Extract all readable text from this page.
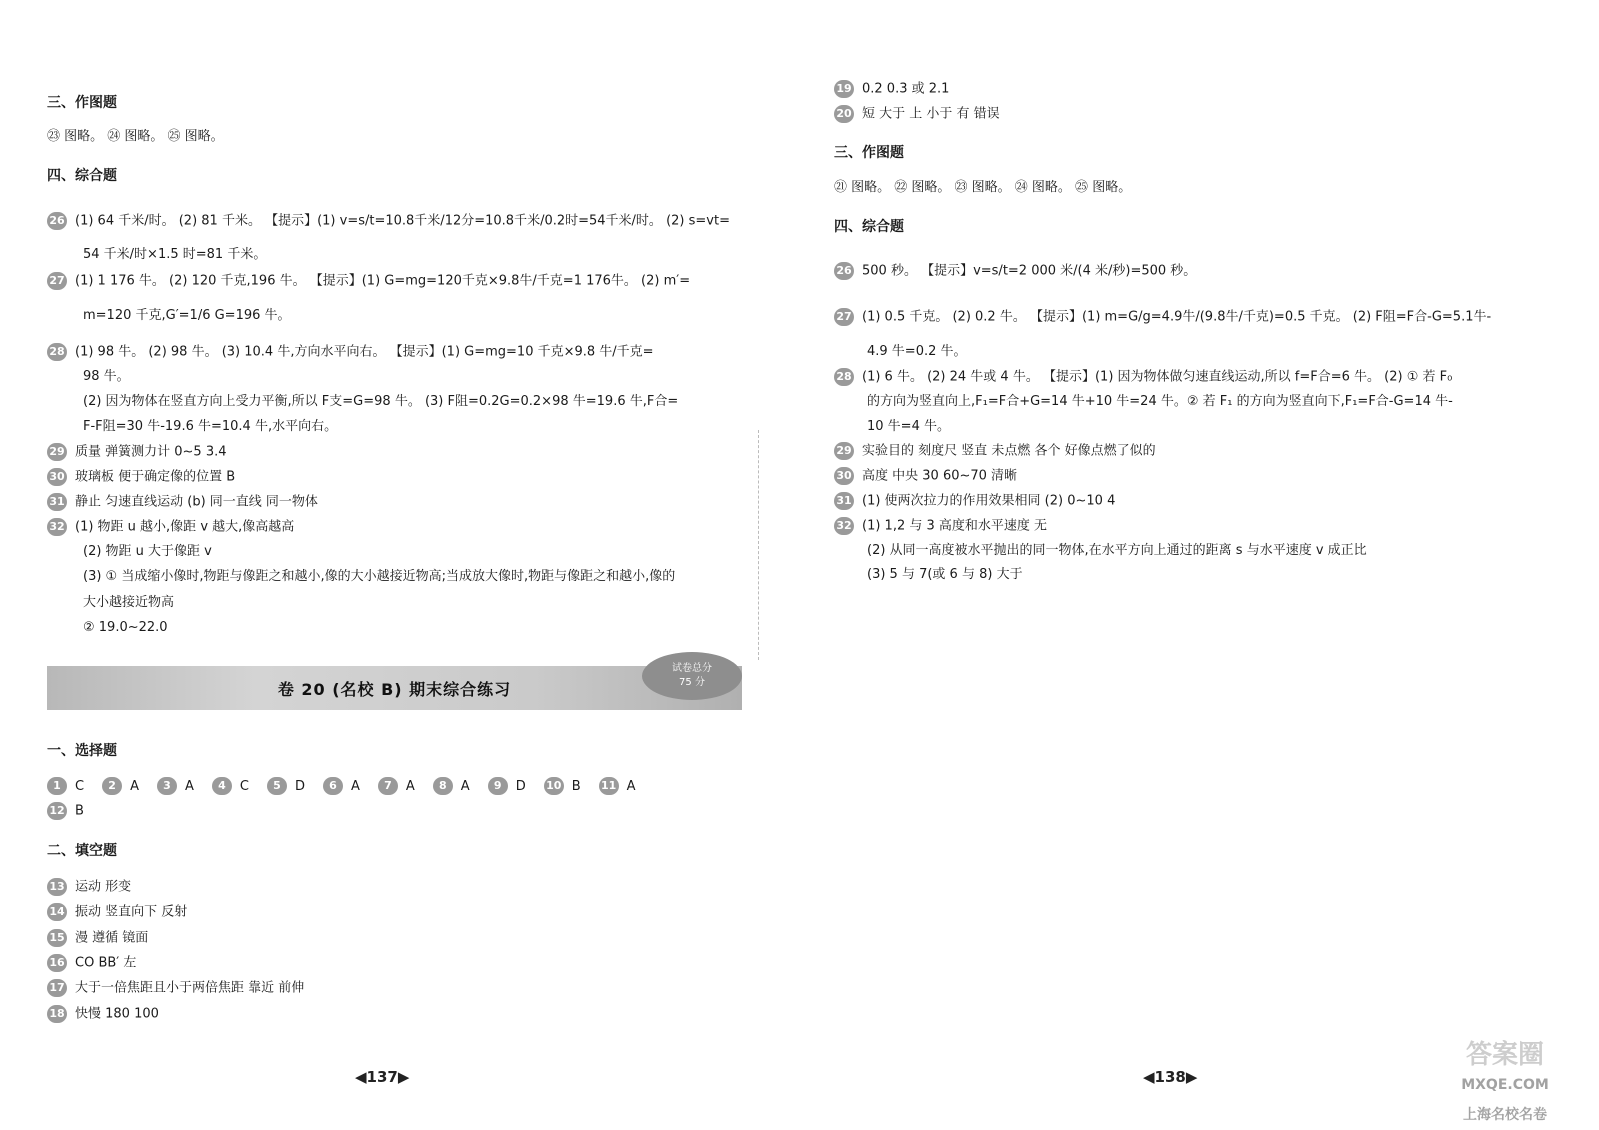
三、作图题
㉓ 图略。 ㉔ 图略。 ㉕ 图略。
四、综合题
26 (1) 64 千米/时。 (2) 81 千米。 【提示】(1) v=s/t=10.8千米/12分=10.8千米/0.2时=54千米/时。 (2) s=vt=
54 千米/时×1.5 时=81 千米。
27 (1) 1 176 牛。 (2) 120 千克,196 牛。 【提示】(1) G=mg=120千克×9.8牛/千克=1 176牛。 (2) m′=
m=120 千克,G′=1/6 G=196 牛。
28 (1) 98 牛。 (2) 98 牛。 (3) 10.4 牛,方向水平向右。 【提示】(1) G=mg=10 千克×9.8 牛/千克=
98 牛。
(2) 因为物体在竖直方向上受力平衡,所以 F支=G=98 牛。 (3) F阻=0.2G=0.2×98 牛=19.6 牛,F合=
F-F阻=30 牛-19.6 牛=10.4 牛,水平向右。
29 质量 弹簧测力计 0~5 3.4
30 玻璃板 便于确定像的位置 B
31 静止 匀速直线运动 (b) 同一直线 同一物体
32 (1) 物距 u 越小,像距 v 越大,像高越高
(2) 物距 u 大于像距 v
(3) ① 当成缩小像时,物距与像距之和越小,像的大小越接近物高;当成放大像时,物距与像距之和越小,像的
大小越接近物高
② 19.0~22.0
卷 20 (名校 B) 期末综合练习
试卷总分
75 分
一、选择题
1 C 2 A 3 A 4 C 5 D 6 A 7 A 8 A 9 D 10 B 11 A
12 B
二、填空题
13 运动 形变
14 振动 竖直向下 反射
15 漫 遵循 镜面
16 CO BB′ 左
17 大于一倍焦距且小于两倍焦距 靠近 前伸
18 快慢 180 100
◀137▶
19 0.2 0.3 或 2.1
20 短 大于 上 小于 有 错误
三、作图题
㉑ 图略。 ㉒ 图略。 ㉓ 图略。 ㉔ 图略。 ㉕ 图略。
四、综合题
26 500 秒。 【提示】v=s/t=2 000 米/(4 米/秒)=500 秒。
27 (1) 0.5 千克。 (2) 0.2 牛。 【提示】(1) m=G/g=4.9牛/(9.8牛/千克)=0.5 千克。 (2) F阻=F合-G=5.1牛-
4.9 牛=0.2 牛。
28 (1) 6 牛。 (2) 24 牛或 4 牛。 【提示】(1) 因为物体做匀速直线运动,所以 f=F合=6 牛。 (2) ① 若 F₀
的方向为竖直向上,F₁=F合+G=14 牛+10 牛=24 牛。② 若 F₁ 的方向为竖直向下,F₁=F合-G=14 牛-
10 牛=4 牛。
29 实验目的 刻度尺 竖直 未点燃 各个 好像点燃了似的
30 高度 中央 30 60~70 清晰
31 (1) 使两次拉力的作用效果相同 (2) 0~10 4
32 (1) 1,2 与 3 高度和水平速度 无
(2) 从同一高度被水平抛出的同一物体,在水平方向上通过的距离 s 与水平速度 v 成正比
(3) 5 与 7(或 6 与 8) 大于
◀138▶
答案圈
MXQE.COM
上海名校名卷
